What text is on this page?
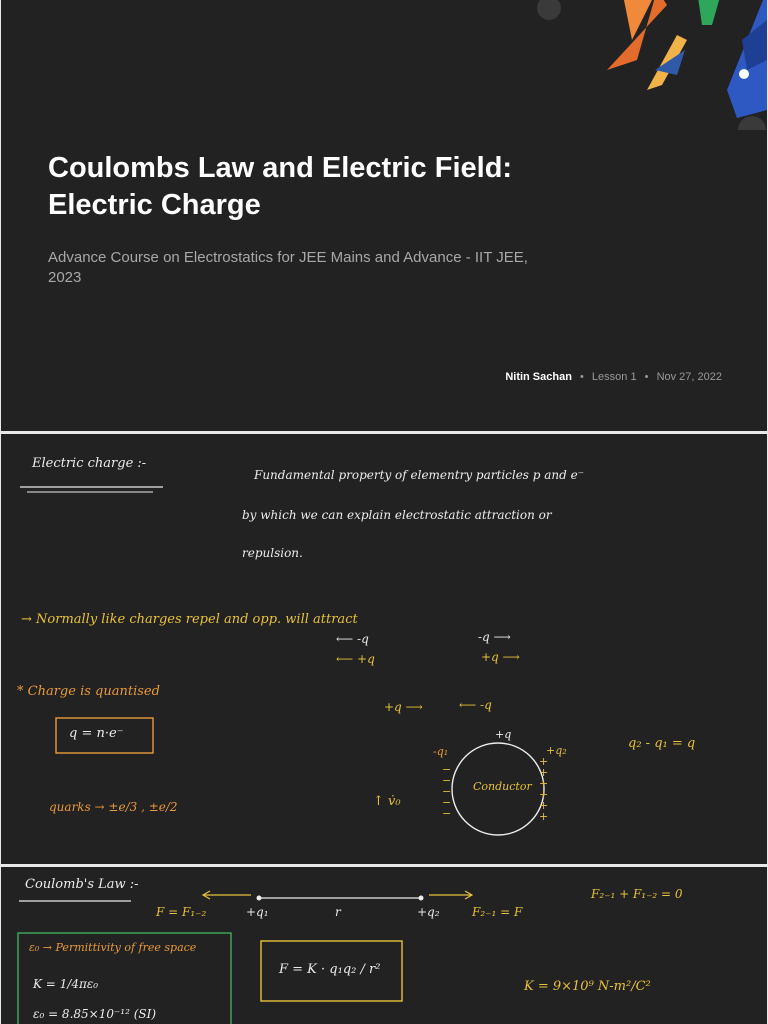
Coulombs Law and Electric Field:
Electric Charge

Advance Course on Electrostatics for JEE Mains and Advance - IIT JEE,
2023

Nitin Sachan • Lesson 1 • Nov 27, 2022
Electric charge :-
Fundamental property of elementry particles p and e⁻
by which we can explain electrostatic attraction or
repulsion.
→ Normally like charges repel and opp. will attract
⟵ -q
⟵ +q
-q ⟶
+q ⟶
* Charge is quantised
q = n·e⁻
+q ⟶	⟵ -q
+q
-q₁	+q₂
Conductor
−
−
−
−
−
+
+
+
+
+
+
q₂ - q₁ = q
↑ v̇₀
quarks → ±e/3 , ±e/2
Coulomb's Law :-
F = F₁₋₂	+q₁	r	+q₂	F₂₋₁ = F
F₂₋₁ + F₁₋₂ = 0
ε₀ → Permittivity of free space
K = 1/4πε₀
ε₀ = 8.85×10⁻¹² (SI)
F = K · q₁q₂ / r²
K = 9×10⁹ N-m²/C²
